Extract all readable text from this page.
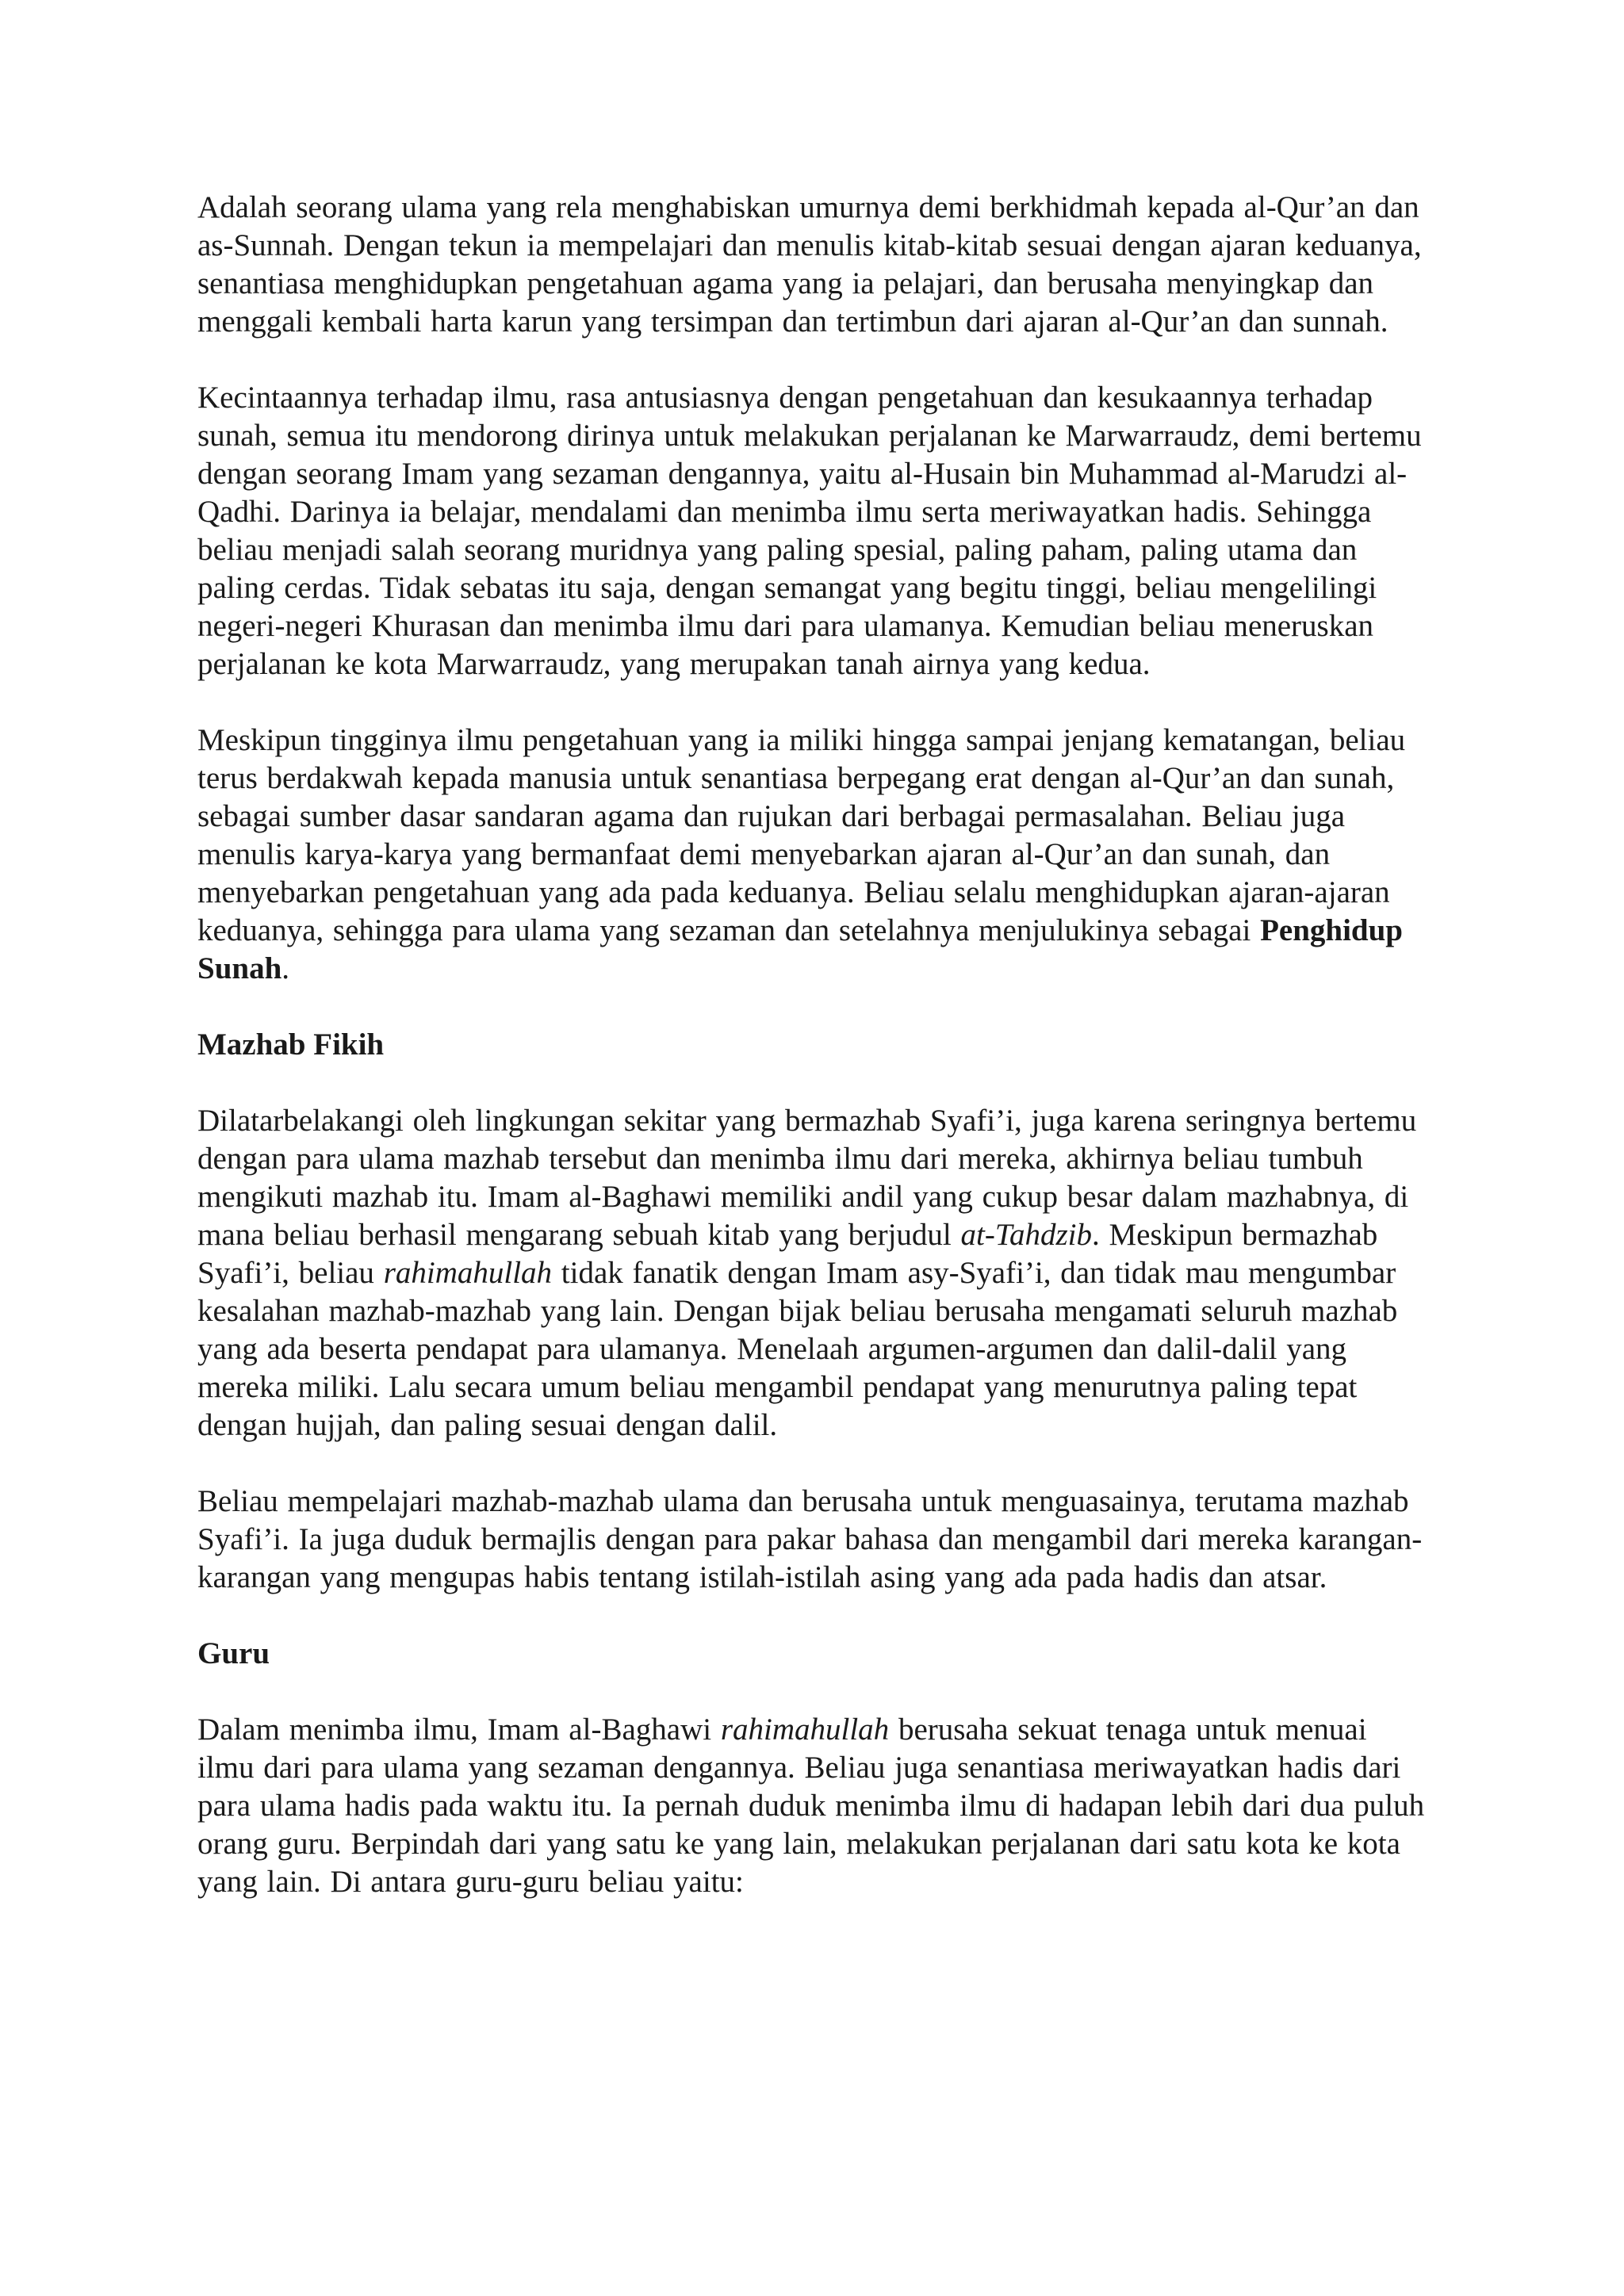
Adalah seorang ulama yang rela menghabiskan umurnya demi berkhidmah kepada al-Qur’an dan as-Sunnah. Dengan tekun ia mempelajari dan menulis kitab-kitab sesuai dengan ajaran keduanya, senantiasa menghidupkan pengetahuan agama yang ia pelajari, dan berusaha menyingkap dan menggali kembali harta karun yang tersimpan dan tertimbun dari ajaran al-Qur’an dan sunnah.

Kecintaannya terhadap ilmu, rasa antusiasnya dengan pengetahuan dan kesukaannya terhadap sunah, semua itu mendorong dirinya untuk melakukan perjalanan ke Marwarraudz, demi bertemu dengan seorang Imam yang sezaman dengannya, yaitu al-Husain bin Muhammad al-Marudzi al-Qadhi. Darinya ia belajar, mendalami dan menimba ilmu serta meriwayatkan hadis. Sehingga beliau menjadi salah seorang muridnya yang paling spesial, paling paham, paling utama dan paling cerdas. Tidak sebatas itu saja, dengan semangat yang begitu tinggi, beliau mengelilingi negeri-negeri Khurasan dan menimba ilmu dari para ulamanya. Kemudian beliau meneruskan perjalanan ke kota Marwarraudz, yang merupakan tanah airnya yang kedua.

Meskipun tingginya ilmu pengetahuan yang ia miliki hingga sampai jenjang kematangan, beliau terus berdakwah kepada manusia untuk senantiasa berpegang erat dengan al-Qur’an dan sunah, sebagai sumber dasar sandaran agama dan rujukan dari berbagai permasalahan. Beliau juga menulis karya-karya yang bermanfaat demi menyebarkan ajaran al-Qur’an dan sunah, dan menyebarkan pengetahuan yang ada pada keduanya. Beliau selalu menghidupkan ajaran-ajaran keduanya, sehingga para ulama yang sezaman dan setelahnya menjulukinya sebagai Penghidup Sunah.

Mazhab Fikih

Dilatarbelakangi oleh lingkungan sekitar yang bermazhab Syafi’i, juga karena seringnya bertemu dengan para ulama mazhab tersebut dan menimba ilmu dari mereka, akhirnya beliau tumbuh mengikuti mazhab itu. Imam al-Baghawi memiliki andil yang cukup besar dalam mazhabnya, di mana beliau berhasil mengarang sebuah kitab yang berjudul at-Tahdzib. Meskipun bermazhab Syafi’i, beliau rahimahullah tidak fanatik dengan Imam asy-Syafi’i, dan tidak mau mengumbar kesalahan mazhab-mazhab yang lain. Dengan bijak beliau berusaha mengamati seluruh mazhab yang ada beserta pendapat para ulamanya. Menelaah argumen-argumen dan dalil-dalil yang mereka miliki. Lalu secara umum beliau mengambil pendapat yang menurutnya paling tepat dengan hujjah, dan paling sesuai dengan dalil.

Beliau mempelajari mazhab-mazhab ulama dan berusaha untuk menguasainya, terutama mazhab Syafi’i. Ia juga duduk bermajlis dengan para pakar bahasa dan mengambil dari mereka karangan-karangan yang mengupas habis tentang istilah-istilah asing yang ada pada hadis dan atsar.

Guru

Dalam menimba ilmu, Imam al-Baghawi rahimahullah berusaha sekuat tenaga untuk menuai ilmu dari para ulama yang sezaman dengannya. Beliau juga senantiasa meriwayatkan hadis dari para ulama hadis pada waktu itu. Ia pernah duduk menimba ilmu di hadapan lebih dari dua puluh orang guru. Berpindah dari yang satu ke yang lain, melakukan perjalanan dari satu kota ke kota yang lain. Di antara guru-guru beliau yaitu:
